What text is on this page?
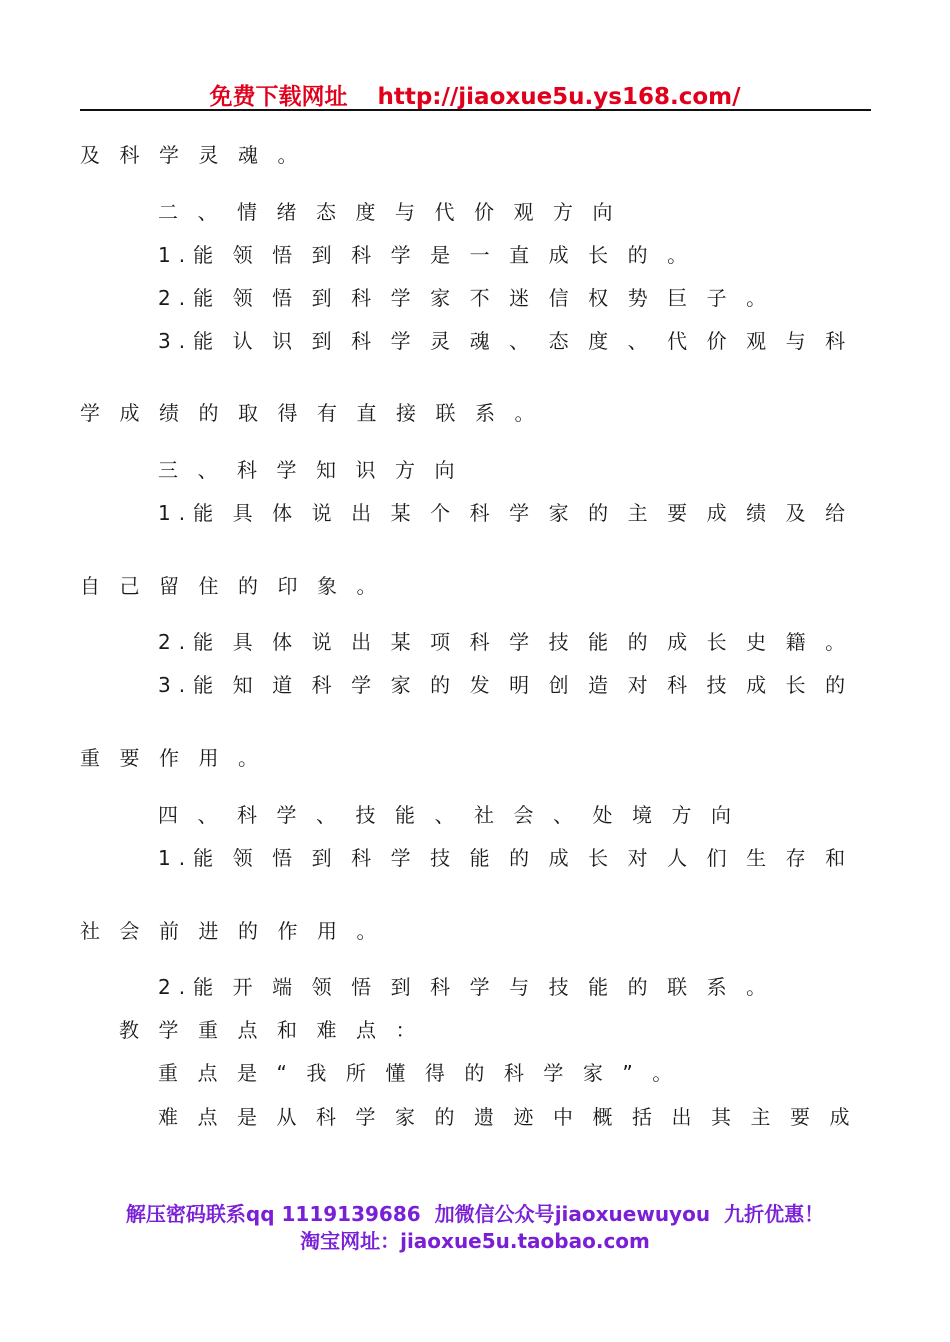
免费下载网址 http://jiaoxue5u.ys168.com/
及科学灵魂。
二、情绪态度与代价观方向
1.能领悟到科学是一直成长的。
2.能领悟到科学家不迷信权势巨子。
3.能认识到科学灵魂、态度、代价观与科
学成绩的取得有直接联系。
三、科学知识方向
1.能具体说出某个科学家的主要成绩及给
自己留住的印象。
2.能具体说出某项科学技能的成长史籍。
3.能知道科学家的发明创造对科技成长的
重要作用。
四、科学、技能、社会、处境方向
1.能领悟到科学技能的成长对人们生存和
社会前进的作用。
2.能开端领悟到科学与技能的联系。
教学重点和难点：
重点是“我所懂得的科学家”。
难点是从科学家的遗迹中概括出其主要成
解压密码联系qq 1119139686 加微信公众号jiaoxuewuyou 九折优惠！
淘宝网址：jiaoxue5u.taobao.com
